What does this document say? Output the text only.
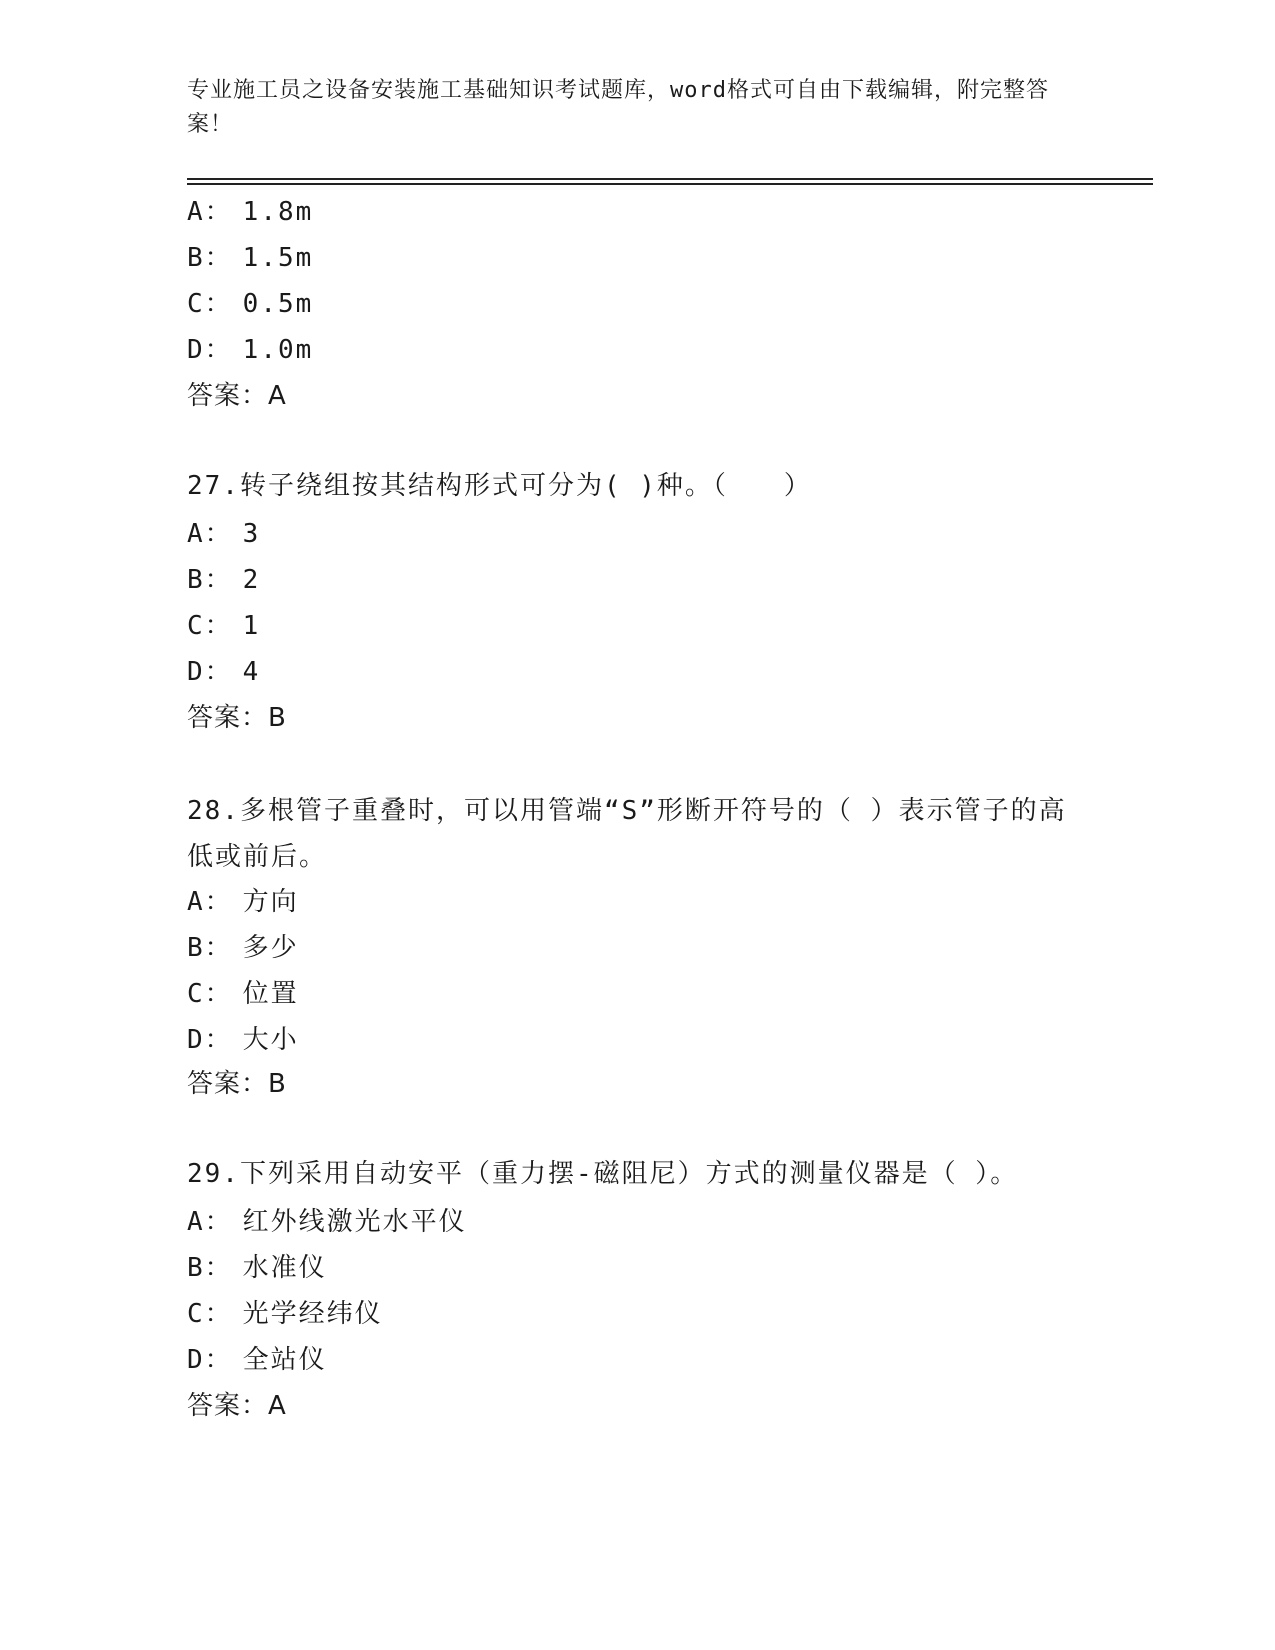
专业施工员之设备安装施工基础知识考试题库，word格式可自由下载编辑，附完整答案！
A： 1.8m
B： 1.5m
C： 0.5m
D： 1.0m
答案：A
27.转子绕组按其结构形式可分为( )种。（　　）
A： 3
B： 2
C： 1
D： 4
答案：B
28.多根管子重叠时，可以用管端“S”形断开符号的（ ）表示管子的高低或前后。
A： 方向
B： 多少
C： 位置
D： 大小
答案：B
29.下列采用自动安平（重力摆-磁阻尼）方式的测量仪器是（ ）。
A： 红外线激光水平仪
B： 水准仪
C： 光学经纬仪
D： 全站仪
答案：A
